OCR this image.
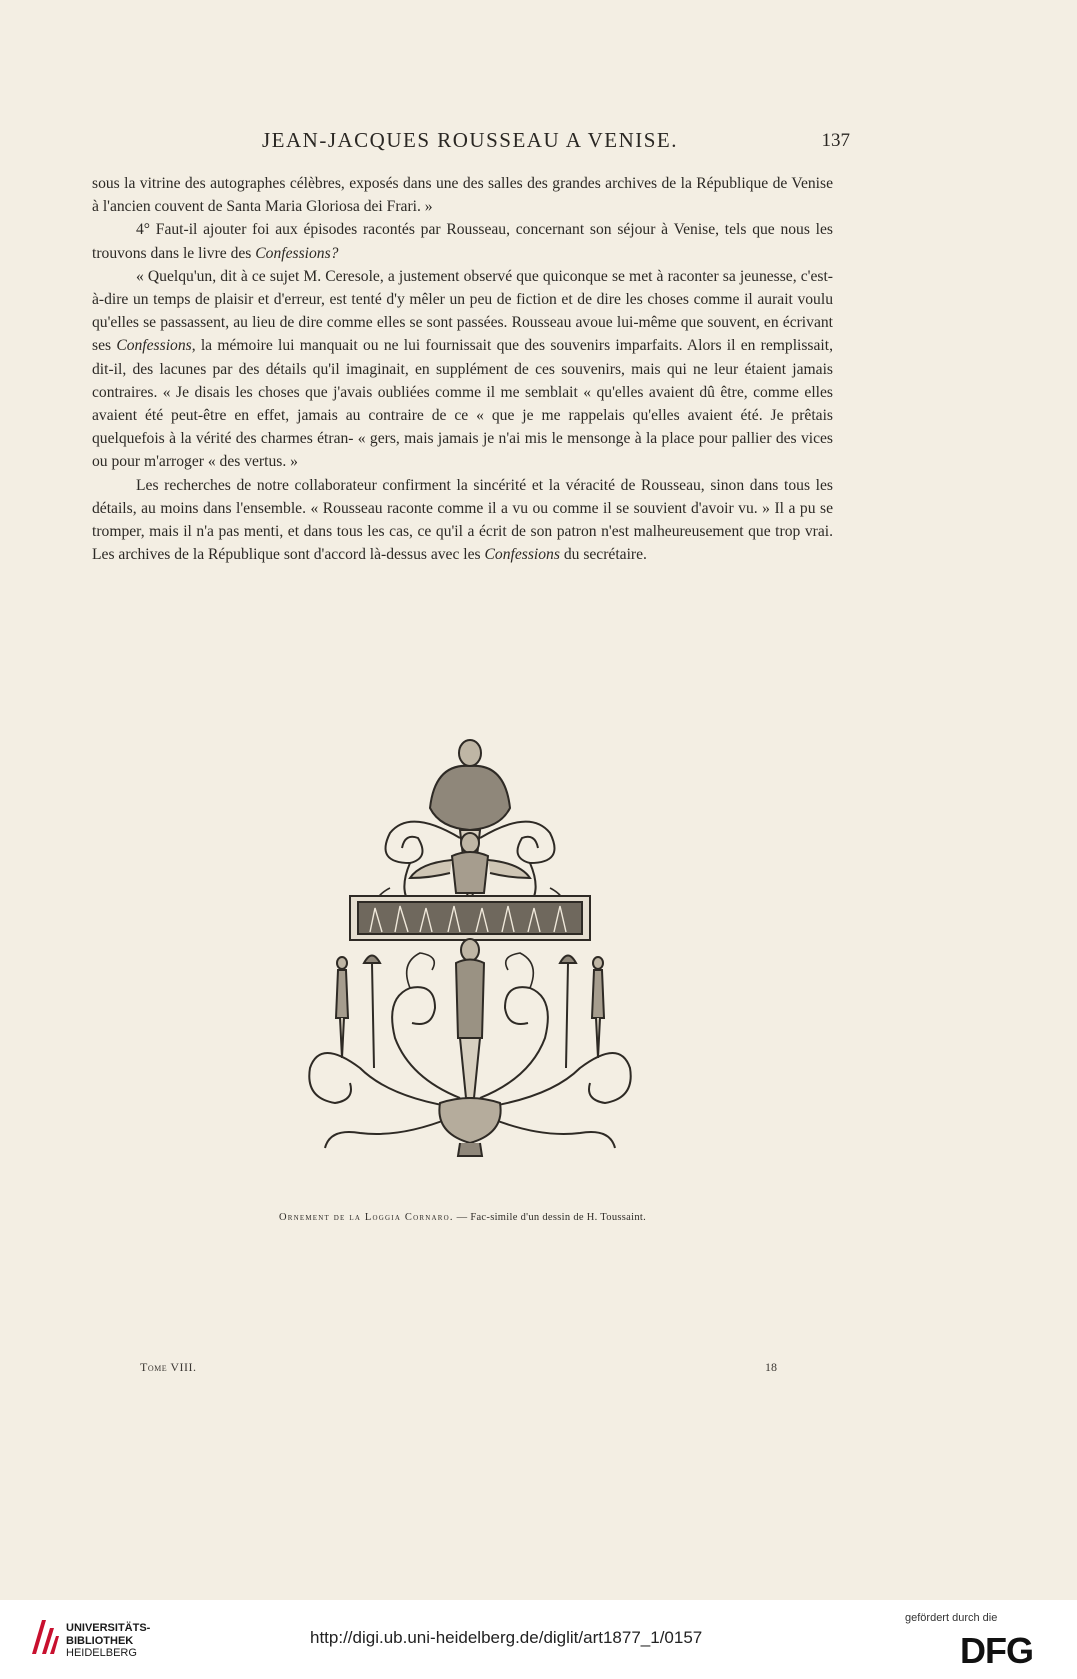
JEAN-JACQUES ROUSSEAU A VENISE.	137

sous la vitrine des autographes célèbres, exposés dans une des salles des grandes archives de la République de Venise à l'ancien couvent de Santa Maria Gloriosa dei Frari. »

4° Faut-il ajouter foi aux épisodes racontés par Rousseau, concernant son séjour à Venise, tels que nous les trouvons dans le livre des Confessions?

« Quelqu'un, dit à ce sujet M. Ceresole, a justement observé que quiconque se met à raconter sa jeunesse, c'est-à-dire un temps de plaisir et d'erreur, est tenté d'y mêler un peu de fiction et de dire les choses comme il aurait voulu qu'elles se passassent, au lieu de dire comme elles se sont passées. Rousseau avoue lui-même que souvent, en écrivant ses Confessions, la mémoire lui manquait ou ne lui fournissait que des souvenirs imparfaits. Alors il en remplissait, dit-il, des lacunes par des détails qu'il imaginait, en supplément de ces souvenirs, mais qui ne leur étaient jamais contraires. « Je disais les choses que j'avais oubliées comme il me semblait « qu'elles avaient dû être, comme elles avaient été peut-être en effet, jamais au contraire de ce « que je me rappelais qu'elles avaient été. Je prêtais quelquefois à la vérité des charmes étran- « gers, mais jamais je n'ai mis le mensonge à la place pour pallier des vices ou pour m'arroger « des vertus. »

Les recherches de notre collaborateur confirment la sincérité et la véracité de Rousseau, sinon dans tous les détails, au moins dans l'ensemble. « Rousseau raconte comme il a vu ou comme il se souvient d'avoir vu. » Il a pu se tromper, mais il n'a pas menti, et dans tous les cas, ce qu'il a écrit de son patron n'est malheureusement que trop vrai. Les archives de la République sont d'accord là-dessus avec les Confessions du secrétaire.

Ornement de la Loggia Cornaro. — Fac-simile d'un dessin de H. Toussaint.
Tome VIII.	18
UNIVERSITÄTS-
BIBLIOTHEK
HEIDELBERG
http://digi.ub.uni-heidelberg.de/diglit/art1877_1/0157
gefördert durch die
DFG
